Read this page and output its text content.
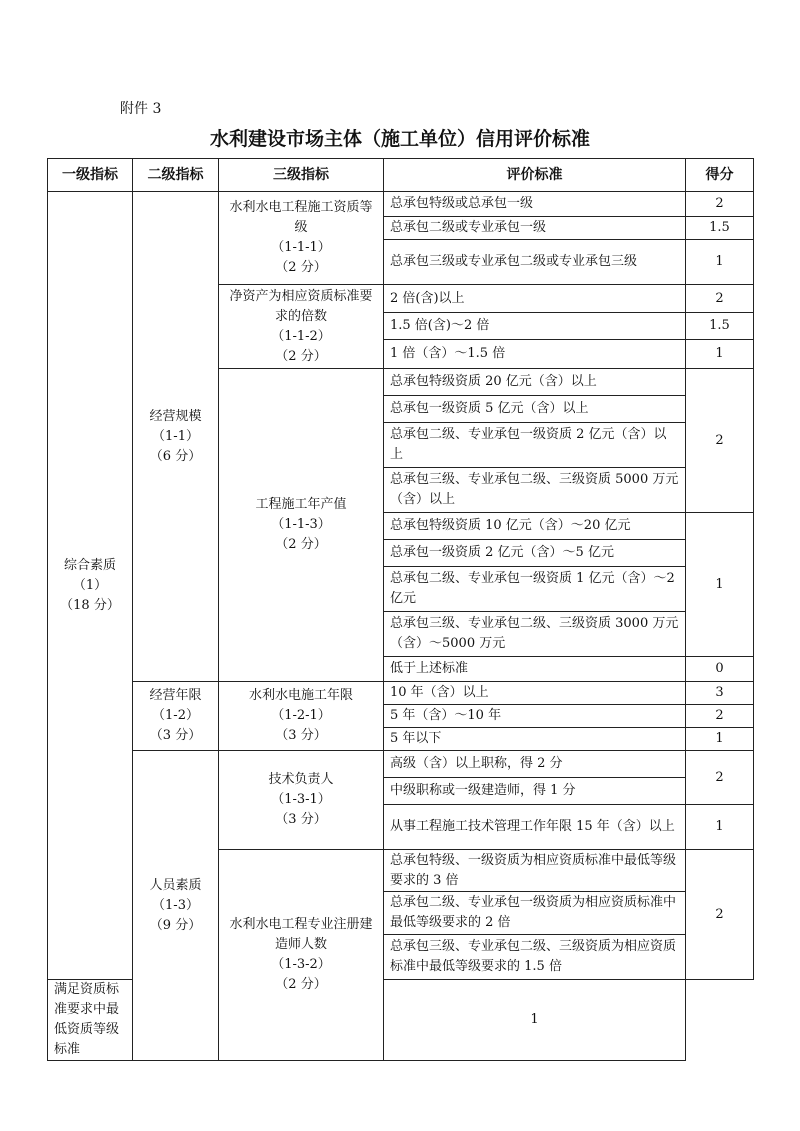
附件 3
水利建设市场主体（施工单位）信用评价标准
一级指标	二级指标	三级指标	评价标准	得分

综合素质
（1）
（18 分）	经营规模
（1-1）
（6 分）	水利水电工程施工资质等级
（1-1-1）
（2 分）	总承包特级或总承包一级	2
			总承包二级或专业承包一级	1.5
			总承包三级或专业承包二级或专业承包三级	1

		净资产为相应资质标准要求的倍数
（1-1-2）
（2 分）	2 倍(含)以上	2
			1.5 倍(含)～2 倍	1.5
			1 倍（含）～1.5 倍	1

		工程施工年产值
（1-1-3）
（2 分）	总承包特级资质 20 亿元（含）以上	2
			总承包一级资质 5 亿元（含）以上	
			总承包二级、专业承包一级资质 2 亿元（含）以上	
			总承包三级、专业承包二级、三级资质 5000 万元（含）以上	
			总承包特级资质 10 亿元（含）～20 亿元	1
			总承包一级资质 2 亿元（含）～5 亿元	
			总承包二级、专业承包一级资质 1 亿元（含）～2 亿元	
			总承包三级、专业承包二级、三级资质 3000 万元（含）～5000 万元	
			低于上述标准	0

	经营年限
（1-2）
（3 分）	水利水电施工年限
（1-2-1）
（3 分）	10 年（含）以上	3
			5 年（含）～10 年	2
			5 年以下	1

	人员素质
（1-3）
（9 分）	技术负责人
（1-3-1）
（3 分）	高级（含）以上职称，得 2 分	2
			中级职称或一级建造师，得 1 分	
			从事工程施工技术管理工作年限 15 年（含）以上	1

		水利水电工程专业注册建造师人数
（1-3-2）
（2 分）	总承包特级、一级资质为相应资质标准中最低等级要求的 3 倍	2
			总承包二级、专业承包一级资质为相应资质标准中最低等级要求的 2 倍	
			总承包三级、专业承包二级、三级资质为相应资质标准中最低等级要求的 1.5 倍	
满足资质标准要求中最低资质等级标准			1	
